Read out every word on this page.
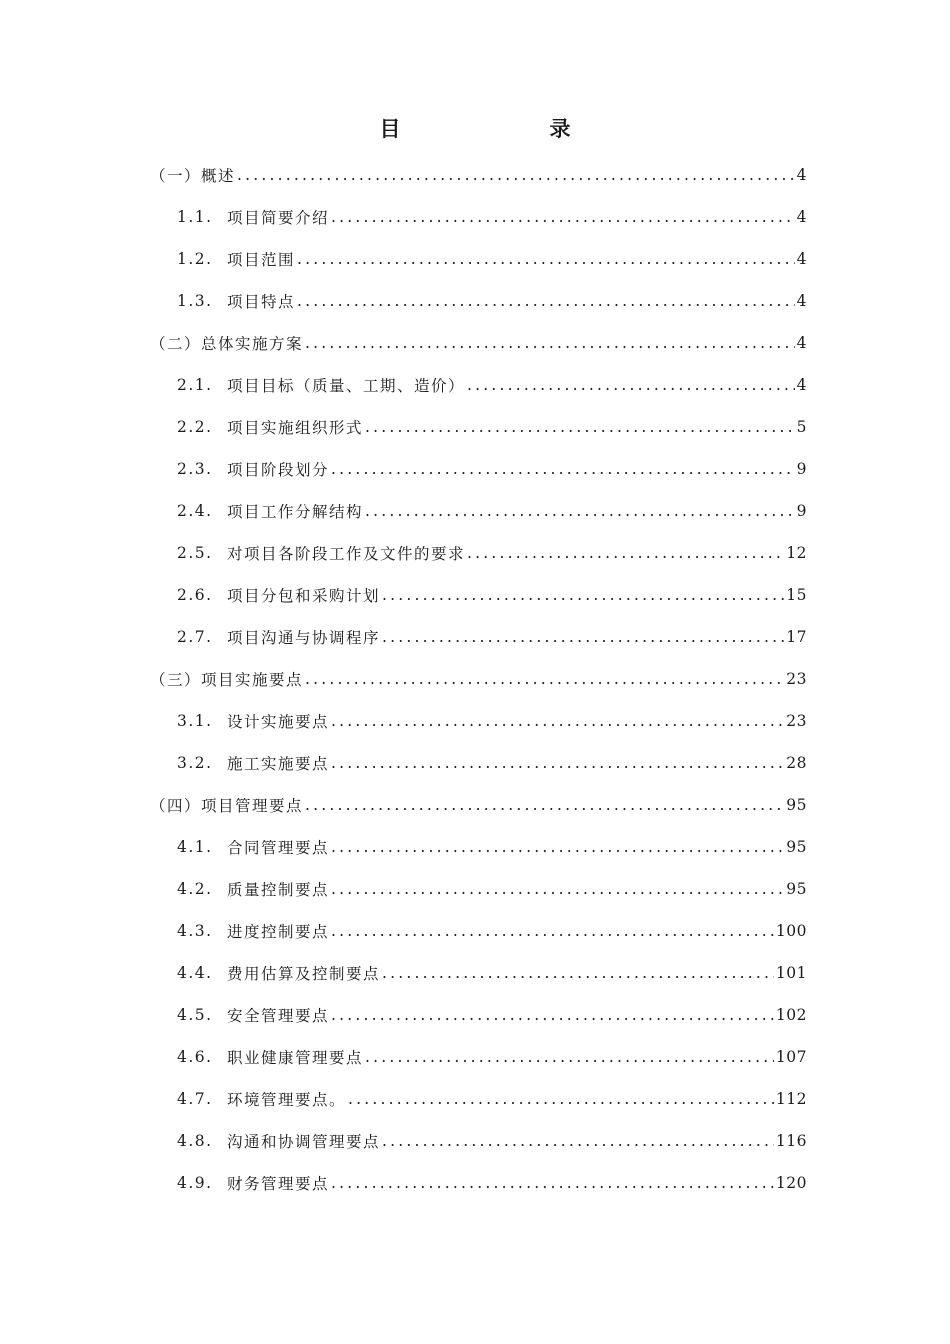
目　录
（一）概述 .....	4
1.1. 项目简要介绍 .....	4
1.2. 项目范围 .....	4
1.3. 项目特点 .....	4
（二）总体实施方案 .....	4
2.1. 项目目标（质量、工期、造价） .....	4
2.2. 项目实施组织形式 .....	5
2.3. 项目阶段划分 .....	9
2.4. 项目工作分解结构 .....	9
2.5. 对项目各阶段工作及文件的要求 .....	12
2.6. 项目分包和采购计划 .....	15
2.7. 项目沟通与协调程序 .....	17
（三）项目实施要点 .....	23
3.1. 设计实施要点 .....	23
3.2. 施工实施要点 .....	28
（四）项目管理要点 .....	95
4.1. 合同管理要点 .....	95
4.2. 质量控制要点 .....	95
4.3. 进度控制要点 .....	100
4.4. 费用估算及控制要点 .....	101
4.5. 安全管理要点 .....	102
4.6. 职业健康管理要点 .....	107
4.7. 环境管理要点。 .....	112
4.8. 沟通和协调管理要点 .....	116
4.9. 财务管理要点 .....	120
